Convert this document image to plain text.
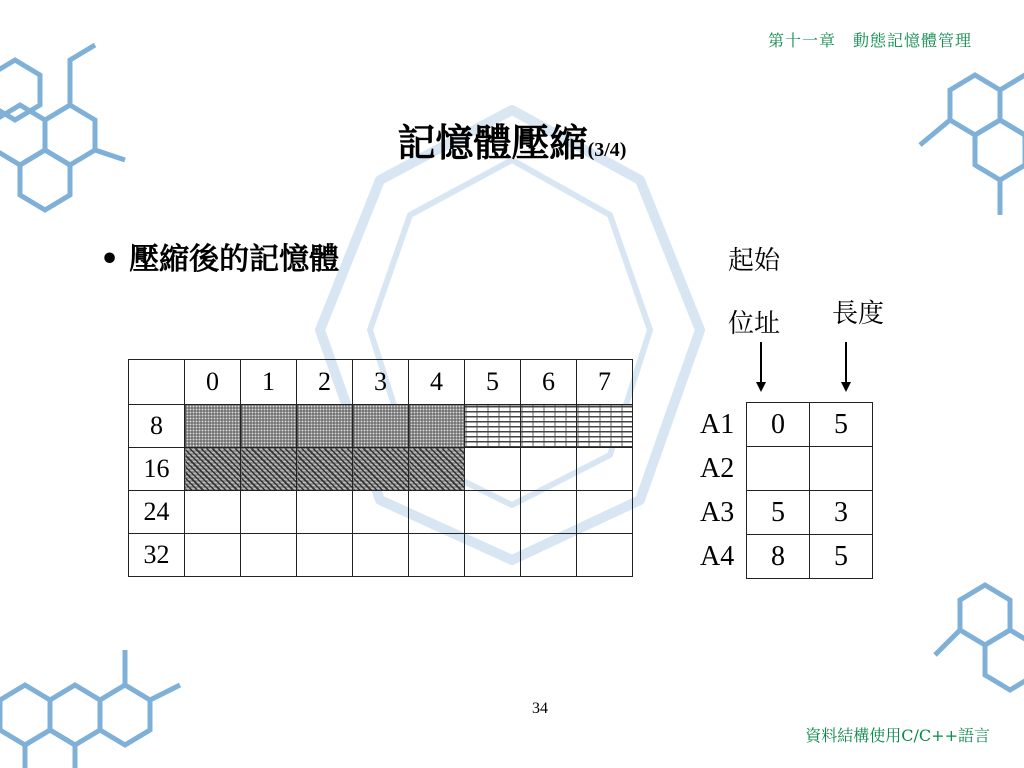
第十一章　動態記憶體管理
記憶體壓縮(3/4)
• 壓縮後的記憶體
	0	1	2	3	4	5	6	7
8								
16								
24								
32								
起始
位址 長度
A1	0	5
A2		
A3	5	3
A4	8	5
34
資料結構使用C/C++語言
